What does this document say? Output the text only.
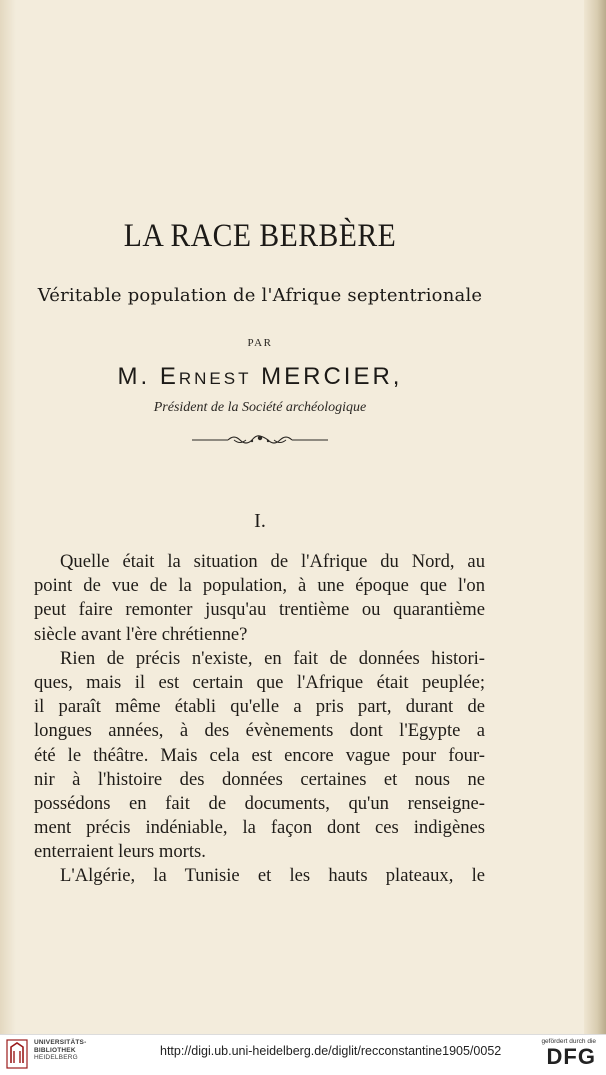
LA RACE BERBÈRE
Véritable population de l'Afrique septentrionale
PAR
M. Ernest MERCIER,
Président de la Société archéologique
I.
Quelle était la situation de l'Afrique du Nord, au
point de vue de la population, à une époque que l'on
peut faire remonter jusqu'au trentième ou quarantième
siècle avant l'ère chrétienne?
Rien de précis n'existe, en fait de données histori-
ques, mais il est certain que l'Afrique était peuplée;
il paraît même établi qu'elle a pris part, durant de
longues années, à des évènements dont l'Egypte a
été le théâtre. Mais cela est encore vague pour four-
nir à l'histoire des données certaines et nous ne
possédons en fait de documents, qu'un renseigne-
ment précis indéniable, la façon dont ces indigènes
enterraient leurs morts.
L'Algérie, la Tunisie et les hauts plateaux, le
UNIVERSITÄTS-
BIBLIOTHEK
HEIDELBERG	http://digi.ub.uni-heidelberg.de/diglit/recconstantine1905/0052
gefördert durch die
DFG
